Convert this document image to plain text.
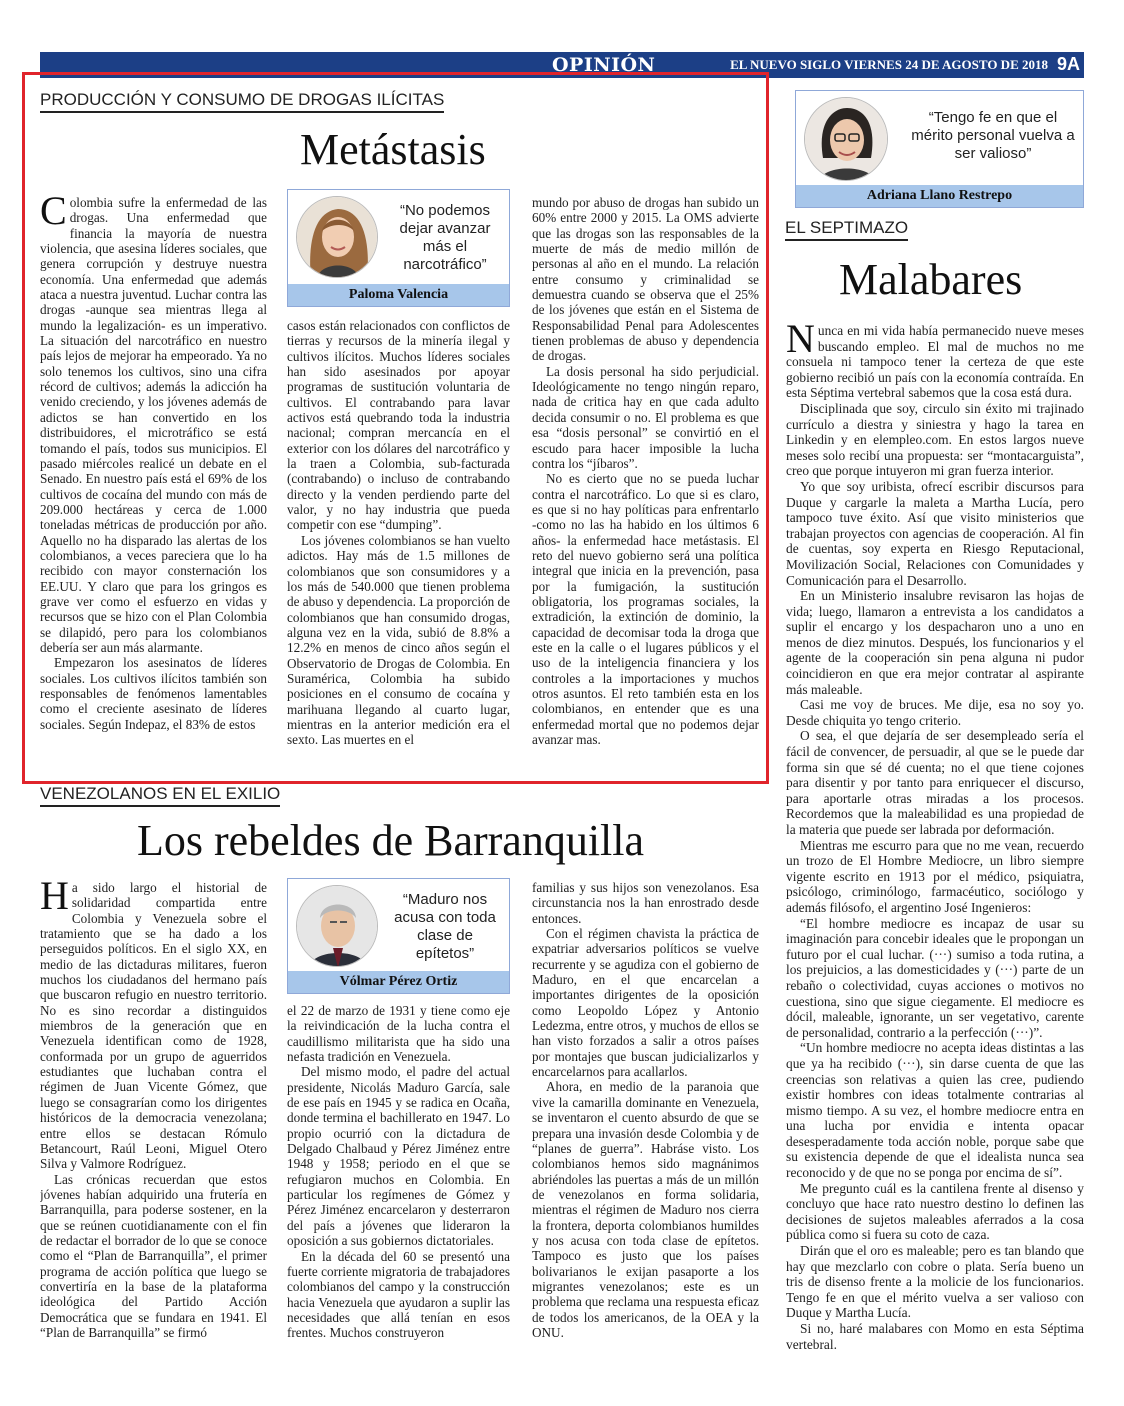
OPINIÓN	EL NUEVO SIGLO VIERNES 24 DE AGOSTO DE 2018 9A
PRODUCCIÓN Y CONSUMO DE DROGAS ILÍCITAS
Metástasis

Colombia sufre la enfermedad de las drogas. Una enfermedad que financia la mayoría de nuestra violencia, que asesina líderes sociales, que genera corrupción y destruye nuestra economía. Una enfermedad que además ataca a nuestra juventud. Luchar contra las drogas -aunque sea mientras llega al mundo la legalización- es un imperativo. La situación del narcotráfico en nuestro país lejos de mejorar ha empeorado. Ya no solo tenemos los cultivos, sino una cifra récord de cultivos; además la adicción ha venido creciendo, y los jóvenes además de adictos se han convertido en los distribuidores, el microtráfico se está tomando el país, todos sus municipios. El pasado miércoles realicé un debate en el Senado. En nuestro país está el 69% de los cultivos de cocaína del mundo con más de 209.000 hectáreas y cerca de 1.000 toneladas métricas de producción por año. Aquello no ha disparado las alertas de los colombianos, a veces pareciera que lo ha recibido con mayor consternación los EE.UU. Y claro que para los gringos es grave ver como el esfuerzo en vidas y recursos que se hizo con el Plan Colombia se dilapidó, pero para los colombianos debería ser aun más alarmante.

Empezaron los asesinatos de líderes sociales. Los cultivos ilícitos también son responsables de fenómenos lamentables como el creciente asesinato de líderes sociales. Según Indepaz, el 83% de estos

“No podemos dejar avanzar más el narcotráfico”
Paloma Valencia

casos están relacionados con conflictos de tierras y recursos de la minería ilegal y cultivos ilícitos. Muchos líderes sociales han sido asesinados por apoyar programas de sustitución voluntaria de cultivos. El contrabando para lavar activos está quebrando toda la industria nacional; compran mercancía en el exterior con los dólares del narcotráfico y la traen a Colombia, sub-facturada (contrabando) o incluso de contrabando directo y la venden perdiendo parte del valor, y no hay industria que pueda competir con ese “dumping”.

Los jóvenes colombianos se han vuelto adictos. Hay más de 1.5 millones de colombianos que son consumidores y a los más de 540.000 que tienen problema de abuso y dependencia. La proporción de colombianos que han consumido drogas, alguna vez en la vida, subió de 8.8% a 12.2% en menos de cinco años según el Observatorio de Drogas de Colombia. En Suramérica, Colombia ha subido posiciones en el consumo de cocaína y marihuana llegando al cuarto lugar, mientras en la anterior medición era el sexto. Las muertes en el

mundo por abuso de drogas han subido un 60% entre 2000 y 2015. La OMS advierte que las drogas son las responsables de la muerte de más de medio millón de personas al año en el mundo. La relación entre consumo y criminalidad se demuestra cuando se observa que el 25% de los jóvenes que están en el Sistema de Responsabilidad Penal para Adolescentes tienen problemas de abuso y dependencia de drogas.

La dosis personal ha sido perjudicial. Ideológicamente no tengo ningún reparo, nada de critica hay en que cada adulto decida consumir o no. El problema es que esa “dosis personal” se convirtió en el escudo para hacer imposible la lucha contra los “jíbaros”.

No es cierto que no se pueda luchar contra el narcotráfico. Lo que si es claro, es que si no hay políticas para enfrentarlo -como no las ha habido en los últimos 6 años- la enfermedad hace metástasis. El reto del nuevo gobierno será una política integral que inicia en la prevención, pasa por la fumigación, la sustitución obligatoria, los programas sociales, la extradición, la extinción de dominio, la capacidad de decomisar toda la droga que este en la calle o el lugares públicos y el uso de la inteligencia financiera y los controles a la importaciones y muchos otros asuntos. El reto también esta en los colombianos, en entender que es una enfermedad mortal que no podemos dejar avanzar mas.

VENEZOLANOS EN EL EXILIO
Los rebeldes de Barranquilla

Ha sido largo el historial de solidaridad compartida entre Colombia y Venezuela sobre el tratamiento que se ha dado a los perseguidos políticos. En el siglo XX, en medio de las dictaduras militares, fueron muchos los ciudadanos del hermano país que buscaron refugio en nuestro territorio. No es sino recordar a distinguidos miembros de la generación que en Venezuela identifican como de 1928, conformada por un grupo de aguerridos estudiantes que luchaban contra el régimen de Juan Vicente Gómez, que luego se consagrarían como los dirigentes históricos de la democracia venezolana; entre ellos se destacan Rómulo Betancourt, Raúl Leoni, Miguel Otero Silva y Valmore Rodríguez.

Las crónicas recuerdan que estos jóvenes habían adquirido una frutería en Barranquilla, para poderse sostener, en la que se reúnen cuotidianamente con el fin de redactar el borrador de lo que se conoce como el “Plan de Barranquilla”, el primer programa de acción política que luego se convertiría en la base de la plataforma ideológica del Partido Acción Democrática que se fundara en 1941. El “Plan de Barranquilla” se firmó

“Maduro nos acusa con toda clase de epítetos”
Vólmar Pérez Ortiz

el 22 de marzo de 1931 y tiene como eje la reivindicación de la lucha contra el caudillismo militarista que ha sido una nefasta tradición en Venezuela.

Del mismo modo, el padre del actual presidente, Nicolás Maduro García, sale de ese país en 1945 y se radica en Ocaña, donde termina el bachillerato en 1947. Lo propio ocurrió con la dictadura de Delgado Chalbaud y Pérez Jiménez entre 1948 y 1958; periodo en el que se refugiaron muchos en Colombia. En particular los regímenes de Gómez y Pérez Jiménez encarcelaron y desterraron del país a jóvenes que lideraron la oposición a sus gobiernos dictatoriales.

En la década del 60 se presentó una fuerte corriente migratoria de trabajadores colombianos del campo y la construcción hacia Venezuela que ayudaron a suplir las necesidades que allá tenían en esos frentes. Muchos construyeron

familias y sus hijos son venezolanos. Esa circunstancia nos la han enrostrado desde entonces.

Con el régimen chavista la práctica de expatriar adversarios políticos se vuelve recurrente y se agudiza con el gobierno de Maduro, en el que encarcelan a importantes dirigentes de la oposición como Leopoldo López y Antonio Ledezma, entre otros, y muchos de ellos se han visto forzados a salir a otros países por montajes que buscan judicializarlos y encarcelarnos para acallarlos.

Ahora, en medio de la paranoia que vive la camarilla dominante en Venezuela, se inventaron el cuento absurdo de que se prepara una invasión desde Colombia y de “planes de guerra”. Habráse visto. Los colombianos hemos sido magnánimos abriéndoles las puertas a más de un millón de venezolanos en forma solidaria, mientras el régimen de Maduro nos cierra la frontera, deporta colombianos humildes y nos acusa con toda clase de epítetos. Tampoco es justo que los países bolivarianos le exijan pasaporte a los migrantes venezolanos; este es un problema que reclama una respuesta eficaz de todos los americanos, de la OEA y la ONU.

“Tengo fe en que el mérito personal vuelva a ser valioso”
Adriana Llano Restrepo
EL SEPTIMAZO
Malabares

Nunca en mi vida había permanecido nueve meses buscando empleo. El mal de muchos no me consuela ni tampoco tener la certeza de que este gobierno recibió un país con la economía contraída. En esta Séptima vertebral sabemos que la cosa está dura.

Disciplinada que soy, circulo sin éxito mi trajinado currículo a diestra y siniestra y hago la tarea en Linkedin y en elempleo.com. En estos largos nueve meses solo recibí una propuesta: ser “montacarguista”, creo que porque intuyeron mi gran fuerza interior.

Yo que soy uribista, ofrecí escribir discursos para Duque y cargarle la maleta a Martha Lucía, pero tampoco tuve éxito. Así que visito ministerios que trabajan proyectos con agencias de cooperación. Al fin de cuentas, soy experta en Riesgo Reputacional, Movilización Social, Relaciones con Comunidades y Comunicación para el Desarrollo.

En un Ministerio insalubre revisaron las hojas de vida; luego, llamaron a entrevista a los candidatos a suplir el encargo y los despacharon uno a uno en menos de diez minutos. Después, los funcionarios y el agente de la cooperación sin pena alguna ni pudor coincidieron en que era mejor contratar al aspirante más maleable.

Casi me voy de bruces. Me dije, esa no soy yo. Desde chiquita yo tengo criterio.

O sea, el que dejaría de ser desempleado sería el fácil de convencer, de persuadir, al que se le puede dar forma sin que sé dé cuenta; no el que tiene cojones para disentir y por tanto para enriquecer el discurso, para aportarle otras miradas a los procesos. Recordemos que la maleabilidad es una propiedad de la materia que puede ser labrada por deformación.

Mientras me escurro para que no me vean, recuerdo un trozo de El Hombre Mediocre, un libro siempre vigente escrito en 1913 por el médico, psiquiatra, psicólogo, criminólogo, farmacéutico, sociólogo y además filósofo, el argentino José Ingenieros:

“El hombre mediocre es incapaz de usar su imaginación para concebir ideales que le propongan un futuro por el cual luchar. (···) sumiso a toda rutina, a los prejuicios, a las domesticidades y (···) parte de un rebaño o colectividad, cuyas acciones o motivos no cuestiona, sino que sigue ciegamente. El mediocre es dócil, maleable, ignorante, un ser vegetativo, carente de personalidad, contrario a la perfección (···)”.

“Un hombre mediocre no acepta ideas distintas a las que ya ha recibido (···), sin darse cuenta de que las creencias son relativas a quien las cree, pudiendo existir hombres con ideas totalmente contrarias al mismo tiempo. A su vez, el hombre mediocre entra en una lucha por envidia e intenta opacar desesperadamente toda acción noble, porque sabe que su existencia depende de que el idealista nunca sea reconocido y de que no se ponga por encima de sí”.

Me pregunto cuál es la cantilena frente al disenso y concluyo que hace rato nuestro destino lo definen las decisiones de sujetos maleables aferrados a la cosa pública como si fuera su coto de caza.

Dirán que el oro es maleable; pero es tan blando que hay que mezclarlo con cobre o plata. Sería bueno un tris de disenso frente a la molicie de los funcionarios. Tengo fe en que el mérito vuelva a ser valioso con Duque y Martha Lucía.

Si no, haré malabares con Momo en esta Séptima vertebral.
